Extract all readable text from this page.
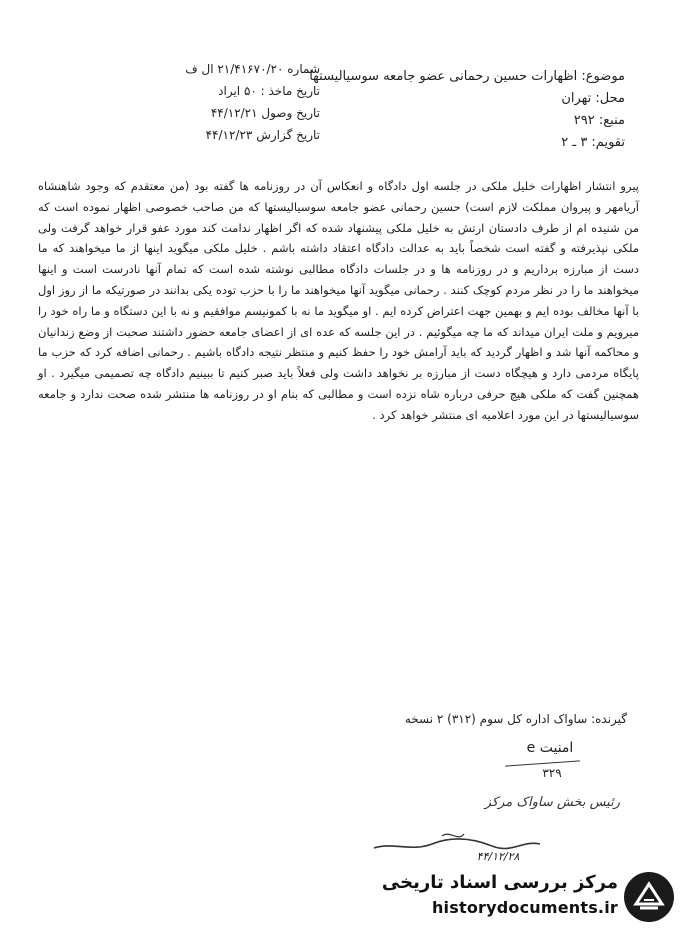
شماره ۲۱/۴۱۶۷۰/۲۰ ال ف
تاریخ ماخذ : ۵۰ ایراد
تاریخ وصول ۴۴/۱۲/۲۱
تاریخ گزارش ۴۴/۱۲/۲۳
موضوع: اظهارات حسین رحمانی عضو جامعه سوسیالیستها
محل: تهران
منبع: ۲۹۲
تقویم: ۳ ـ ۲

پیرو انتشار اظهارات خلیل ملکی در جلسه اول دادگاه و انعکاس آن در روزنامه ها گفته بود (من معتقدم که وجود شاهنشاه آریامهر و پیروان مملکت لازم است) حسین رحمانی عضو جامعه سوسیالیستها که من صاحب خصوصی اظهار نموده است که من شنیده ام از طرف دادستان ارتش به خلیل ملکی پیشنهاد شده که اگر اظهار ندامت کند مورد عفو قرار خواهد گرفت ولی ملکی نپذیرفته و گفته است شخصاً باید به عدالت دادگاه اعتقاد داشته باشم . خلیل ملکی میگوید اینها از ما میخواهند که ما دست از مبارزه برداریم و در روزنامه ها و در جلسات دادگاه مطالبی نوشته شده است که تمام آنها نادرست است و اینها میخواهند ما را در نظر مردم کوچک کنند . رحمانی میگوید آنها میخواهند ما را با حزب توده یکی بدانند در صورتیکه ما از روز اول با آنها مخالف بوده ایم و بهمین جهت اعتراض کرده ایم . او میگوید ما نه با کمونیسم موافقیم و نه با این دستگاه و ما راه خود را میرویم و ملت ایران میداند که ما چه میگوئیم . در این جلسه که عده ای از اعضای جامعه حضور داشتند صحبت از وضع زندانیان و محاکمه آنها شد و اظهار گردید که باید آرامش خود را حفظ کنیم و منتظر نتیجه دادگاه باشیم . رحمانی اضافه کرد که حزب ما پایگاه مردمی دارد و هیچگاه دست از مبارزه بر نخواهد داشت ولی فعلاً باید صبر کنیم تا ببینیم دادگاه چه تصمیمی میگیرد . او همچنین گفت که ملکی هیچ حرفی درباره شاه نزده است و مطالبی که بنام او در روزنامه ها منتشر شده صحت ندارد و جامعه سوسیالیستها در این مورد اعلامیه ای منتشر خواهد کرد .

گیرنده: ساواک اداره کل سوم (۳۱۲) ۲ نسخه
امنیت e
۳۲۹
رئیس بخش ساواک مرکز
۴۴/۱۲/۲۸
مرکز بررسی اسناد تاریخی
historydocuments.ir
